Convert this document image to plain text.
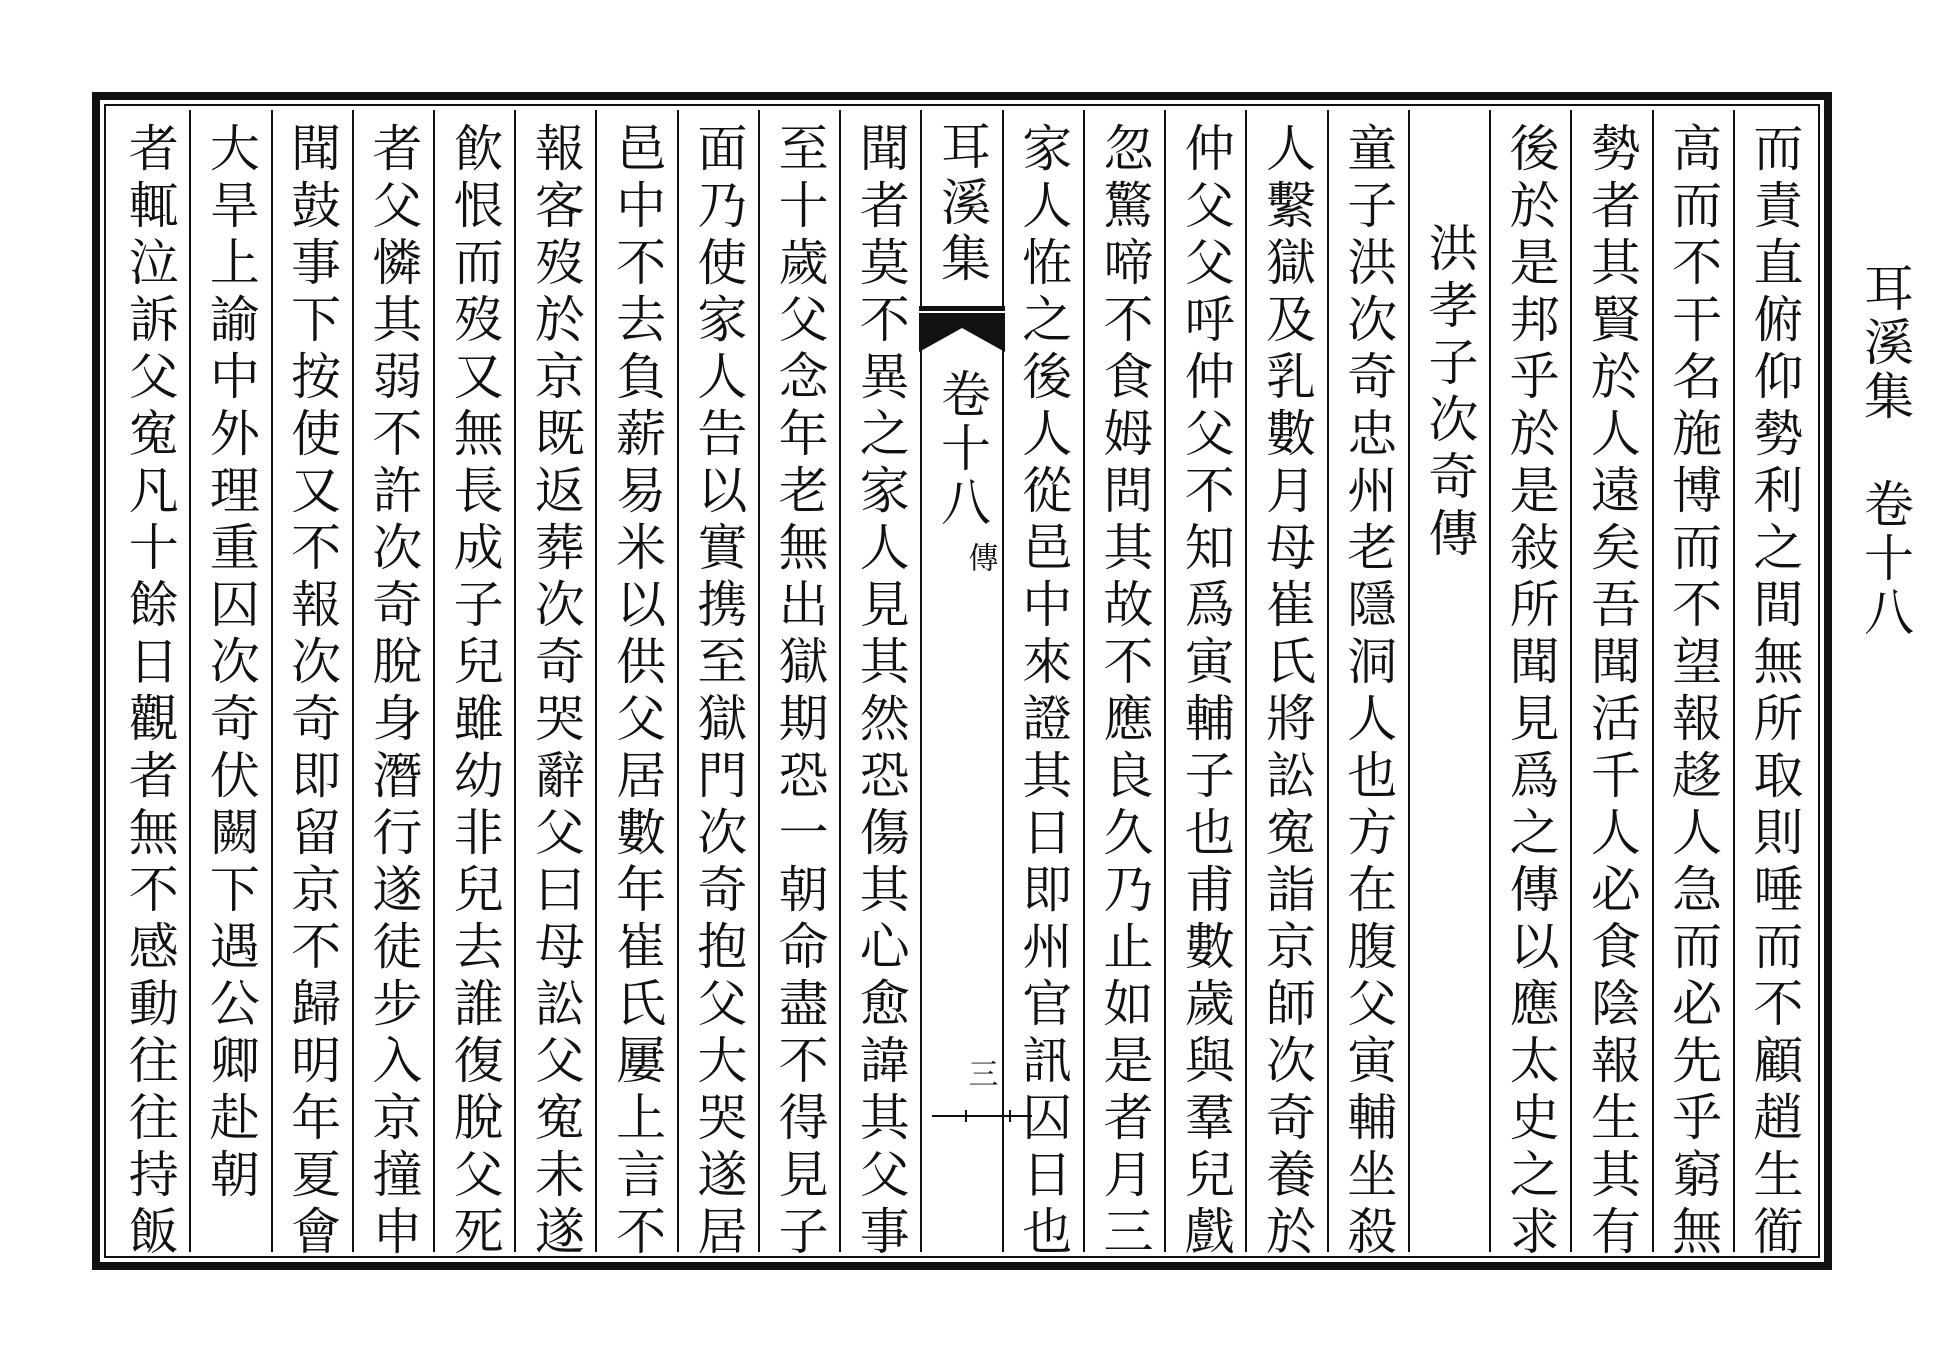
耳溪集　卷十八
而責直俯仰勢利之間無所取則唾而不顧趙生衜
高而不干名施博而不望報趍人急而必先乎窮無
勢者其賢於人遠矣吾聞活千人必食陰報生其有
後於是邦乎於是敍所聞見爲之傳以應太史之求
洪孝子次奇傳
童子洪次奇忠州老隱洞人也方在腹父寅輔坐殺
人繫獄及乳數月母崔氏將訟寃詣京師次奇養於
仲父父呼仲父不知爲寅輔子也甫數歲與羣兒戲
忽驚啼不食姆問其故不應良久乃止如是者月三
家人恠之後人從邑中來證其日即州官訊囚日也
耳溪集
卷十八
傳
三
聞者莫不異之家人見其然恐傷其心愈諱其父事
至十歲父念年老無出獄期恐一朝命盡不得見子
面乃使家人告以實携至獄門次奇抱父大哭遂居
邑中不去負薪易米以供父居數年崔氏屢上言不
報客歿於京既返葬次奇哭辭父曰母訟父寃未遂
飮恨而歿又無長成子兒雖幼非兒去誰復脫父死
者父憐其弱不許次奇脫身潛行遂徒步入京撞申
聞鼓事下按使又不報次奇即留京不歸明年夏會
大旱上諭中外理重囚次奇伏闕下遇公卿赴朝
者輒泣訴父寃凡十餘日觀者無不感動往往持飯
